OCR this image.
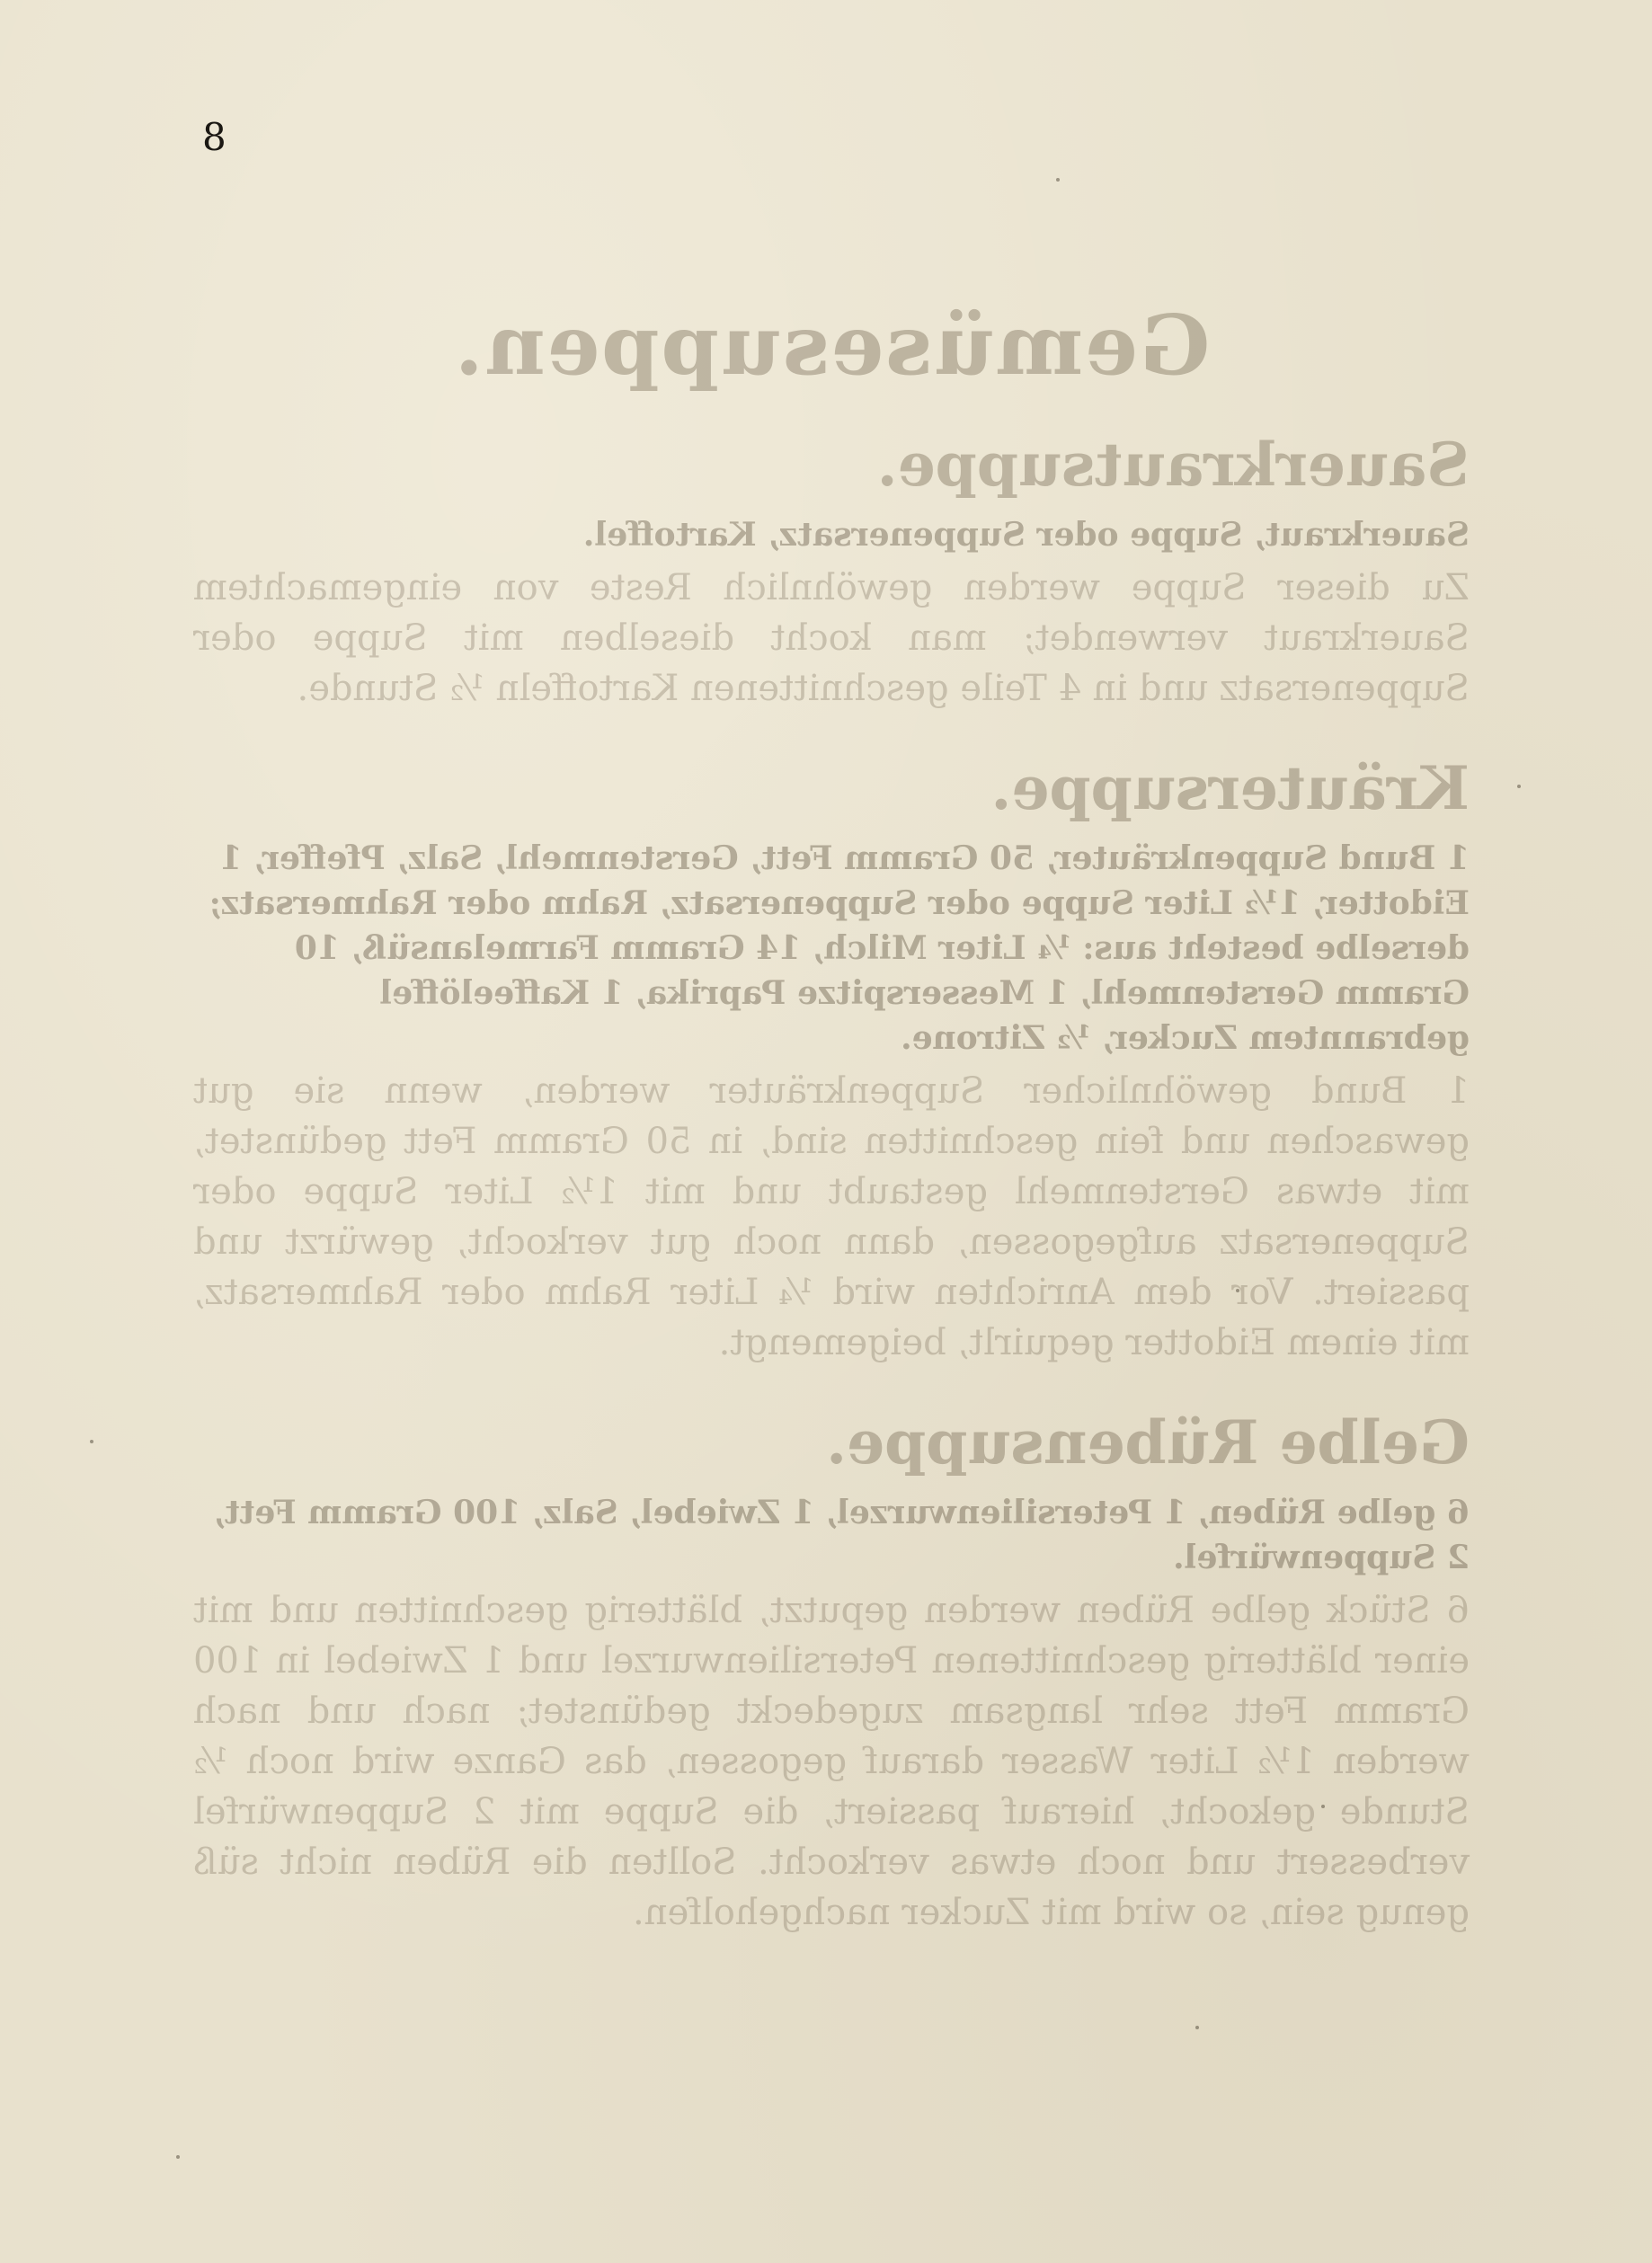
8
Gemüsesuppen.
Sauerkrautsuppe.

Sauerkraut, Suppe oder Suppenersatz, Kartoffel.

Zu dieser Suppe werden gewöhnlich Reste von eingemachtem Sauerkraut verwendet; man kocht dieselben mit Suppe oder Suppenersatz und in 4 Teile geschnittenen Kartoffeln ½ Stunde.

Kräutersuppe.

1 Bund Suppenkräuter, 50 Gramm Fett, Gerstenmehl, Salz, Pfeffer, 1 Eidotter, 1½ Liter Suppe oder Suppenersatz, Rahm oder Rahmersatz; derselbe besteht aus: ¼ Liter Milch, 14 Gramm Farmelansüß, 10 Gramm Gerstenmehl, 1 Messerspitze Paprika, 1 Kaffeelöffel gebranntem Zucker, ½ Zitrone.

1 Bund gewöhnlicher Suppenkräuter werden, wenn sie gut gewaschen und fein geschnitten sind, in 50 Gramm Fett gedünstet, mit etwas Gerstenmehl gestaubt und mit 1½ Liter Suppe oder Suppenersatz aufgegossen, dann noch gut verkocht, gewürzt und passiert. Vor dem Anrichten wird ¼ Liter Rahm oder Rahmersatz, mit einem Eidotter gequirlt, beigemengt.

Gelbe Rübensuppe.

6 gelbe Rüben, 1 Petersilienwurzel, 1 Zwiebel, Salz, 100 Gramm Fett, 2 Suppenwürfel.

6 Stück gelbe Rüben werden geputzt, blätterig geschnitten und mit einer blätterig geschnittenen Petersilienwurzel und 1 Zwiebel in 100 Gramm Fett sehr langsam zugedeckt gedünstet; nach und nach werden 1½ Liter Wasser darauf gegossen, das Ganze wird noch ½ Stunde gekocht, hierauf passiert, die Suppe mit 2 Suppenwürfel verbessert und noch etwas verkocht. Sollten die Rüben nicht süß genug sein, so wird mit Zucker nachgeholfen.
